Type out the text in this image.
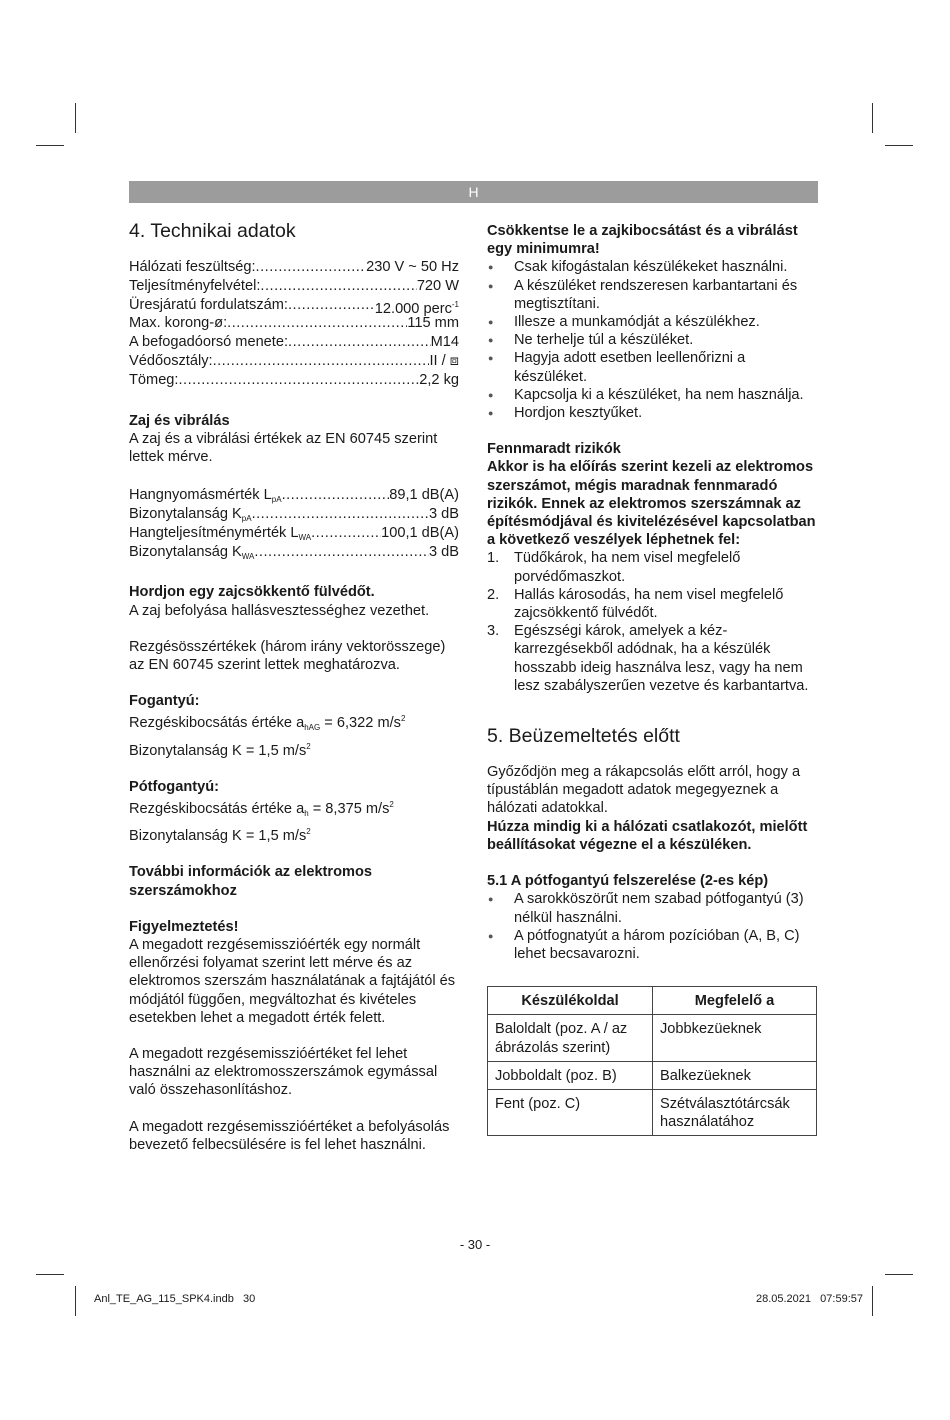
H
4. Technikai adatok
Hálózati feszültség: .....	230 V ~ 50 Hz
Teljesítményfelvétel: .....	720 W
Üresjáratú fordulatszám: .....	12.000 perc$^{-1}$
Max. korong-ø: .....	115 mm
A befogadóorsó menete: .....	M14
Védőosztály: .....	II / ⧈
Tömeg: .....	2,2 kg

Zaj és vibrálás

A zaj és a vibrálási értékek az EN 60745 szerint lettek mérve.

Hangnyomásmérték $L_{pA}$ .....	89,1 dB(A)
Bizonytalanság $K_{pA}$ .....	3 dB
Hangteljesítménymérték $L_{WA}$ .....	100,1 dB(A)
Bizonytalanság $K_{WA}$ .....	3 dB

Hordjon egy zajcsökkentő fülvédőt.

A zaj befolyása hallásvesztességhez vezethet.

Rezgésösszértékek (három irány vektorösszege) az EN 60745 szerint lettek meghatározva.

Fogantyú:

Rezgéskibocsátás értéke $a_{hAG} = 6,322$ $m/s^2$

Bizonytalanság K = 1,5 $m/s^2$

Pótfogantyú:

Rezgéskibocsátás értéke $a_h = 8,375$ $m/s^2$

Bizonytalanság K = 1,5 $m/s^2$

További információk az elektromos szerszámokhoz

Figyelmeztetés!

A megadott rezgésemisszióérték egy normált ellenőrzési folyamat szerint lett mérve és az elektromos szerszám használatának a fajtájától és módjától függően, megváltozhat és kivételes esetekben lehet a megadott érték felett.

A megadott rezgésemisszióértéket fel lehet használni az elektromosszerszámok egymással való összehasonlításhoz.

A megadott rezgésemisszióértéket a befolyásolás bevezető felbecsülésére is fel lehet használni.

Csökkentse le a zajkibocsátást és a vibrálást egy minimumra!

● Csak kifogástalan készülékeket használni.
● A készüléket rendszeresen karbantartani és megtisztítani.
● Illesze a munkamódját a készülékhez.
● Ne terhelje túl a készüléket.
● Hagyja adott esetben leellenőrizni a készüléket.
● Kapcsolja ki a készüléket, ha nem használja.
● Hordjon kesztyűket.

Fennmaradt rizikók

Akkor is ha előírás szerint kezeli az elektromos szerszámot, mégis maradnak fennmaradó rizikók. Ennek az elektromos szerszámnak az építésmódjával és kivitelézésével kapcsolatban a következő veszélyek léphetnek fel:

1. Tüdőkárok, ha nem visel megfelelő porvédőmaszkot.
2. Hallás károsodás, ha nem visel megfelelő zajcsökkentő fülvédőt.
3. Egészségi károk, amelyek a kéz-karrezgésekből adódnak, ha a készülék hosszabb ideig használva lesz, vagy ha nem lesz szabályszerűen vezetve és karbantartva.
5. Beüzemeltetés előtt

Győződjön meg a rákapcsolás előtt arról, hogy a típustáblán megadott adatok megegyeznek a hálózati adatokkal.

Húzza mindig ki a hálózati csatlakozót, mielőtt beállításokat végezne el a készüléken.

5.1 A pótfogantyú felszerelése (2-es kép)

● A sarokköszörűt nem szabad pótfogantyú (3) nélkül használni.
● A pótfognatyút a három pozícióban (A, B, C) lehet becsavarozni.
Készülékoldal	Megfelelő a
Baloldalt (poz. A / az ábrázolás szerint)	Jobbkezüeknek
Jobboldalt (poz. B)	Balkezüeknek
Fent (poz. C)	Szétválasztótárcsák használatához
- 30 -
Anl_TE_AG_115_SPK4.indb   30	28.05.2021   07:59:57
